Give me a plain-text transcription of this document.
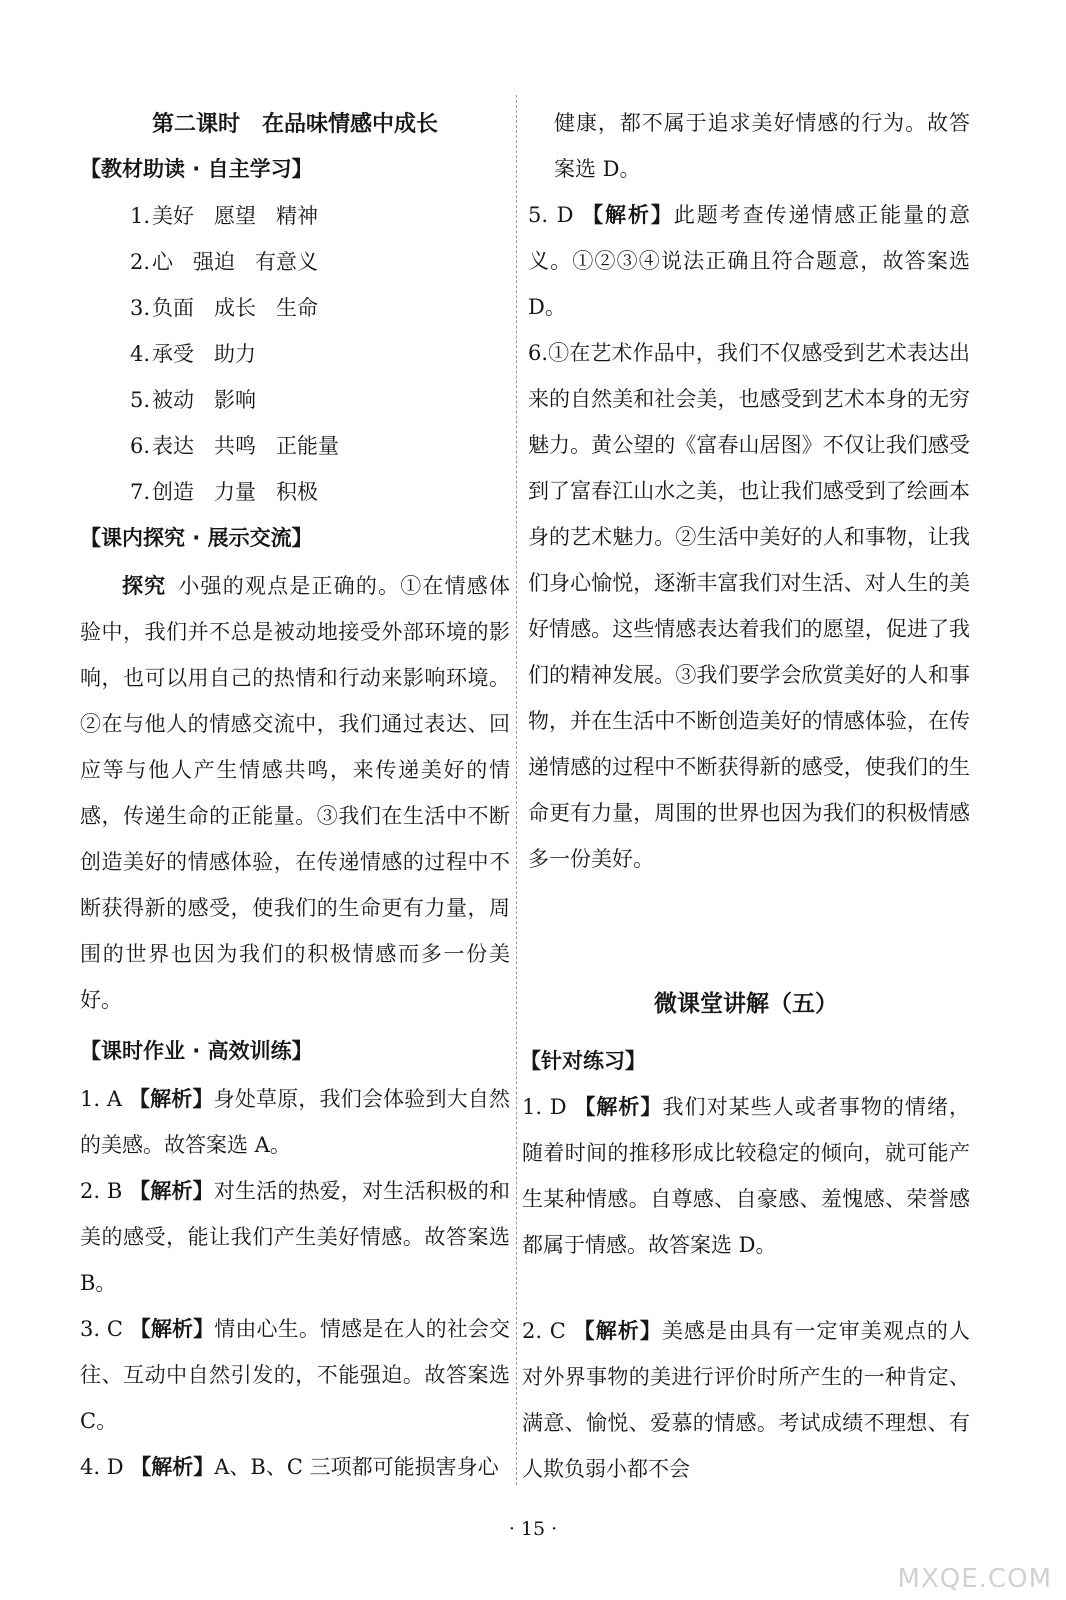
第二课时　在品味情感中成长
【教材助读 · 自主学习】
1.美好 愿望 精神
2.心 强迫 有意义
3.负面 成长 生命
4.承受 助力
5.被动 影响
6.表达 共鸣 正能量
7.创造 力量 积极
【课内探究 · 展示交流】
探究 小强的观点是正确的。①在情感体验中，我们并不总是被动地接受外部环境的影响，也可以用自己的热情和行动来影响环境。②在与他人的情感交流中，我们通过表达、回应等与他人产生情感共鸣，来传递美好的情感，传递生命的正能量。③我们在生活中不断创造美好的情感体验，在传递情感的过程中不断获得新的感受，使我们的生命更有力量，周围的世界也因为我们的积极情感而多一份美好。
【课时作业 · 高效训练】
1. A 【解析】身处草原，我们会体验到大自然的美感。故答案选 A。
2. B 【解析】对生活的热爱，对生活积极的和美的感受，能让我们产生美好情感。故答案选 B。
3. C 【解析】情由心生。情感是在人的社会交往、互动中自然引发的，不能强迫。故答案选 C。
4. D 【解析】A、B、C 三项都可能损害身心
健康，都不属于追求美好情感的行为。故答案选 D。
5. D 【解析】此题考查传递情感正能量的意义。①②③④说法正确且符合题意，故答案选 D。
6.①在艺术作品中，我们不仅感受到艺术表达出来的自然美和社会美，也感受到艺术本身的无穷魅力。黄公望的《富春山居图》不仅让我们感受到了富春江山水之美，也让我们感受到了绘画本身的艺术魅力。②生活中美好的人和事物，让我们身心愉悦，逐渐丰富我们对生活、对人生的美好情感。这些情感表达着我们的愿望，促进了我们的精神发展。③我们要学会欣赏美好的人和事物，并在生活中不断创造美好的情感体验，在传递情感的过程中不断获得新的感受，使我们的生命更有力量，周围的世界也因为我们的积极情感多一份美好。
微课堂讲解（五）
【针对练习】
1. D 【解析】我们对某些人或者事物的情绪，随着时间的推移形成比较稳定的倾向，就可能产生某种情感。自尊感、自豪感、羞愧感、荣誉感都属于情感。故答案选 D。
2. C 【解析】美感是由具有一定审美观点的人对外界事物的美进行评价时所产生的一种肯定、满意、愉悦、爱慕的情感。考试成绩不理想、有人欺负弱小都不会
· 15 ·
MXQE.COM
